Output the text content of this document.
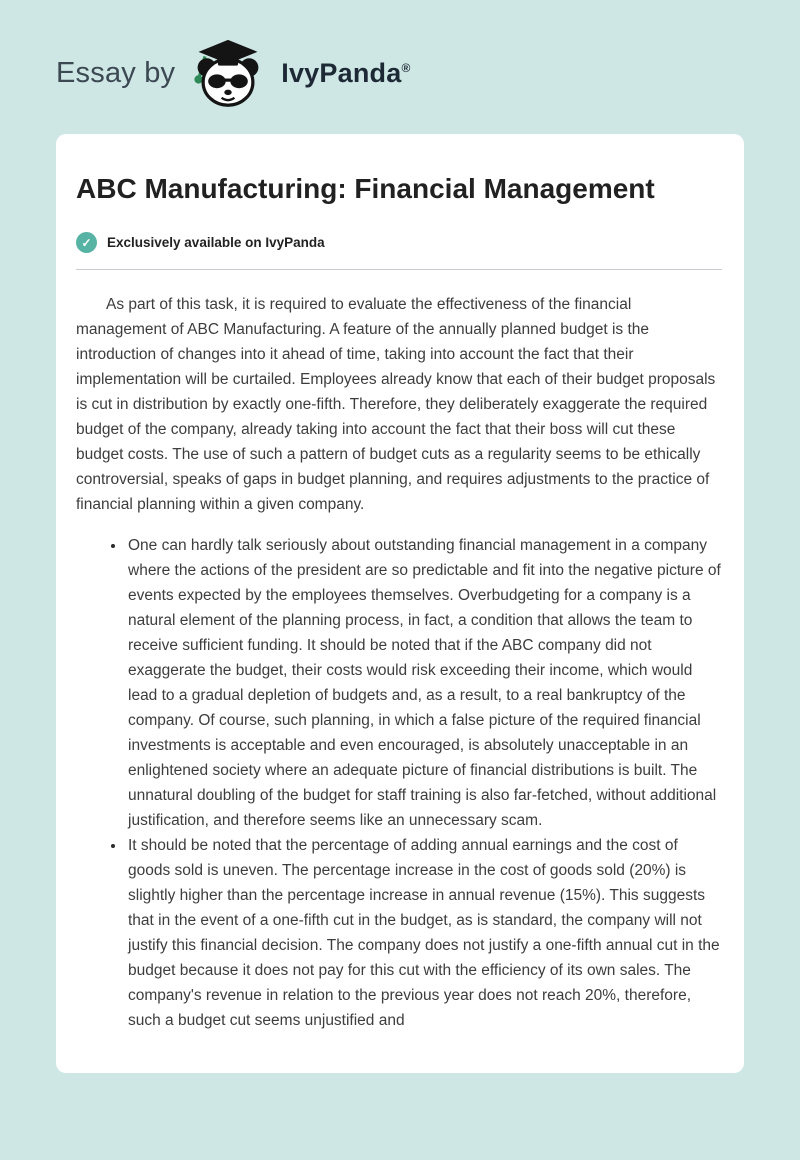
Essay by	IvyPanda®
ABC Manufacturing: Financial Management
✓	Exclusively available on IvyPanda

As part of this task, it is required to evaluate the effectiveness of the financial management of ABC Manufacturing. A feature of the annually planned budget is the introduction of changes into it ahead of time, taking into account the fact that their implementation will be curtailed. Employees already know that each of their budget proposals is cut in distribution by exactly one-fifth. Therefore, they deliberately exaggerate the required budget of the company, already taking into account the fact that their boss will cut these budget costs. The use of such a pattern of budget cuts as a regularity seems to be ethically controversial, speaks of gaps in budget planning, and requires adjustments to the practice of financial planning within a given company.

• One can hardly talk seriously about outstanding financial management in a company where the actions of the president are so predictable and fit into the negative picture of events expected by the employees themselves. Overbudgeting for a company is a natural element of the planning process, in fact, a condition that allows the team to receive sufficient funding. It should be noted that if the ABC company did not exaggerate the budget, their costs would risk exceeding their income, which would lead to a gradual depletion of budgets and, as a result, to a real bankruptcy of the company. Of course, such planning, in which a false picture of the required financial investments is acceptable and even encouraged, is absolutely unacceptable in an enlightened society where an adequate picture of financial distributions is built. The unnatural doubling of the budget for staff training is also far-fetched, without additional justification, and therefore seems like an unnecessary scam.
• It should be noted that the percentage of adding annual earnings and the cost of goods sold is uneven. The percentage increase in the cost of goods sold (20%) is slightly higher than the percentage increase in annual revenue (15%). This suggests that in the event of a one-fifth cut in the budget, as is standard, the company will not justify this financial decision. The company does not justify a one-fifth annual cut in the budget because it does not pay for this cut with the efficiency of its own sales. The company's revenue in relation to the previous year does not reach 20%, therefore, such a budget cut seems unjustified and
